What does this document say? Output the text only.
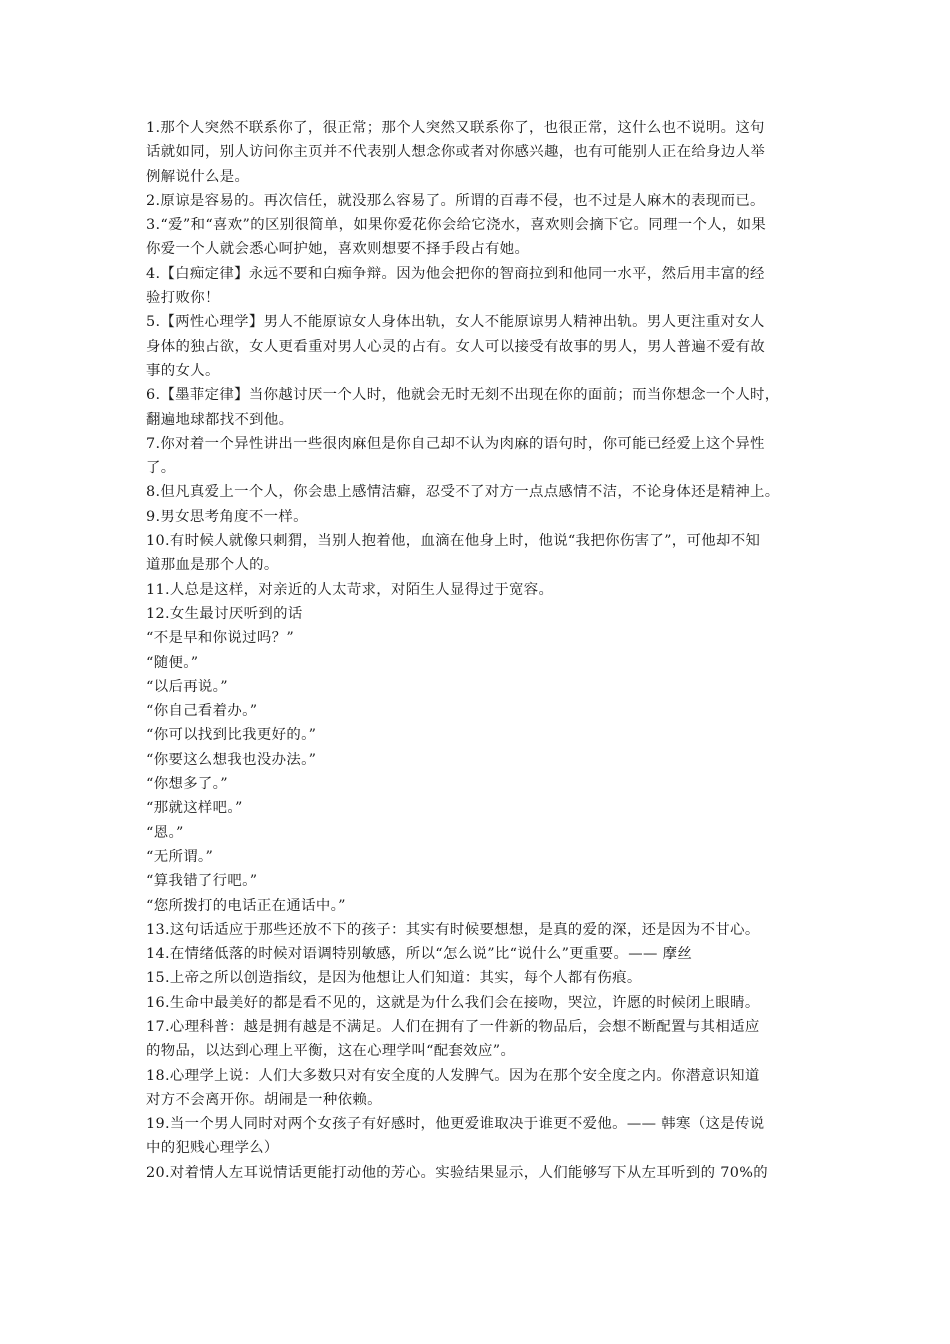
1.那个人突然不联系你了，很正常；那个人突然又联系你了，也很正常，这什么也不说明。这句
话就如同，别人访问你主页并不代表别人想念你或者对你感兴趣，也有可能别人正在给身边人举
例解说什么是。
2.原谅是容易的。再次信任，就没那么容易了。所谓的百毒不侵，也不过是人麻木的表现而已。
3.“爱”和“喜欢”的区别很简单，如果你爱花你会给它浇水，喜欢则会摘下它。同理一个人，如果
你爱一个人就会悉心呵护她，喜欢则想要不择手段占有她。
4.【白痴定律】永远不要和白痴争辩。因为他会把你的智商拉到和他同一水平，然后用丰富的经
验打败你！
5.【两性心理学】男人不能原谅女人身体出轨，女人不能原谅男人精神出轨。男人更注重对女人
身体的独占欲，女人更看重对男人心灵的占有。女人可以接受有故事的男人，男人普遍不爱有故
事的女人。
6.【墨菲定律】当你越讨厌一个人时，他就会无时无刻不出现在你的面前；而当你想念一个人时，
翻遍地球都找不到他。
7.你对着一个异性讲出一些很肉麻但是你自己却不认为肉麻的语句时，你可能已经爱上这个异性
了。
8.但凡真爱上一个人，你会患上感情洁癖，忍受不了对方一点点感情不洁，不论身体还是精神上。
9.男女思考角度不一样。
10.有时候人就像只刺猬，当别人抱着他，血滴在他身上时，他说“我把你伤害了”，可他却不知
道那血是那个人的。
11.人总是这样，对亲近的人太苛求，对陌生人显得过于宽容。
12.女生最讨厌听到的话
“不是早和你说过吗？”
“随便。”
“以后再说。”
“你自己看着办。”
“你可以找到比我更好的。”
“你要这么想我也没办法。”
“你想多了。”
“那就这样吧。”
“恩。”
“无所谓。”
“算我错了行吧。”
“您所拨打的电话正在通话中。”
13.这句话适应于那些还放不下的孩子：其实有时候要想想，是真的爱的深，还是因为不甘心。
14.在情绪低落的时候对语调特别敏感，所以“怎么说”比“说什么”更重要。—— 摩丝
15.上帝之所以创造指纹，是因为他想让人们知道：其实，每个人都有伤痕。
16.生命中最美好的都是看不见的，这就是为什么我们会在接吻，哭泣，许愿的时候闭上眼睛。
17.心理科普：越是拥有越是不满足。人们在拥有了一件新的物品后，会想不断配置与其相适应
的物品，以达到心理上平衡，这在心理学叫“配套效应”。
18.心理学上说：人们大多数只对有安全度的人发脾气。因为在那个安全度之内。你潜意识知道
对方不会离开你。胡闹是一种依赖。
19.当一个男人同时对两个女孩子有好感时，他更爱谁取决于谁更不爱他。—— 韩寒（这是传说
中的犯贱心理学么）
20.对着情人左耳说情话更能打动他的芳心。实验结果显示，人们能够写下从左耳听到的 70%的
